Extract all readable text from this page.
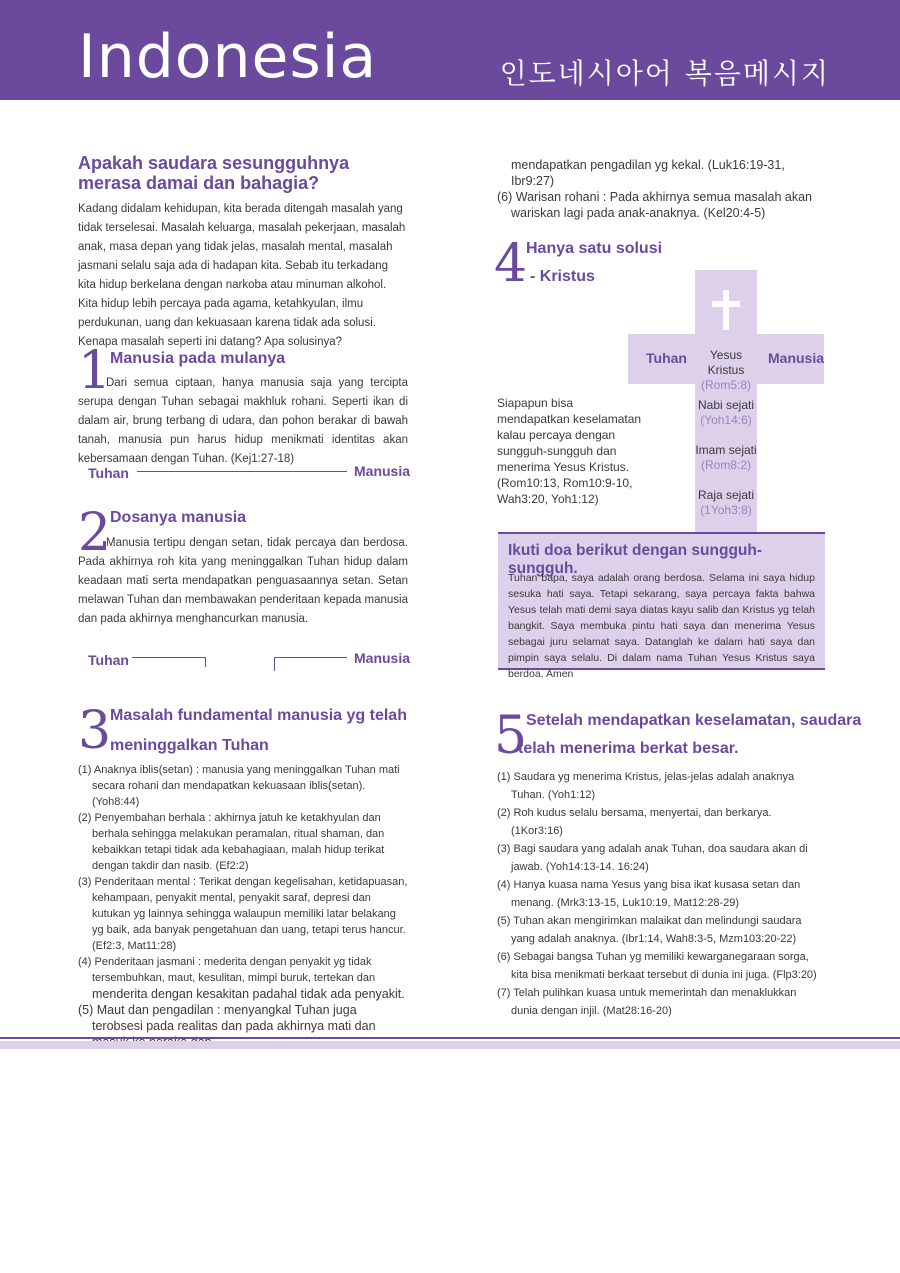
Indonesia	인도네시아어 복음메시지
Apakah saudara sesungguhnya merasa damai dan bahagia?
Kadang didalam kehidupan, kita berada ditengah masalah yang tidak terselesai. Masalah keluarga, masalah pekerjaan, masalah anak, masa depan yang tidak jelas, masalah mental, masalah jasmani selalu saja ada di hadapan kita. Sebab itu terkadang kita hidup berkelana dengan narkoba atau minuman alkohol. Kita hidup lebih percaya pada agama, ketahkyulan, ilmu perdukunan, uang dan kekuasaan karena tidak ada solusi. Kenapa masalah seperti ini datang? Apa solusinya?
1
Manusia pada mulanya
Dari semua ciptaan, hanya manusia saja yang tercipta serupa dengan Tuhan sebagai makhluk rohani. Seperti ikan di dalam air, brung terbang di udara, dan pohon berakar di bawah tanah, manusia pun harus hidup menikmati identitas akan kebersamaan dengan Tuhan. (Kej1:27-18)
Tuhan	Manusia
2
Dosanya manusia
Manusia tertipu dengan setan, tidak percaya dan berdosa. Pada akhirnya roh kita yang meninggalkan Tuhan hidup dalam keadaan mati serta mendapatkan penguasaannya setan. Setan melawan Tuhan dan membawakan penderitaan kepada manusia dan pada akhirnya menghancurkan manusia.
Tuhan	Manusia
3
Masalah fundamental manusia yg telah
meninggalkan Tuhan
(1) Anaknya iblis(setan) : manusia yang meninggalkan Tuhan mati secara rohani dan mendapatkan kekuasaan iblis(setan). (Yoh8:44)
(2) Penyembahan berhala : akhirnya jatuh ke ketakhyulan dan berhala sehingga melakukan peramalan, ritual shaman, dan kebaikkan tetapi tidak ada kebahagiaan, malah hidup terikat dengan takdir dan nasib. (Ef2:2)
(3) Penderitaan mental : Terikat dengan kegelisahan, ketidapuasan, kehampaan, penyakit mental, penyakit saraf, depresi dan kutukan yg lainnya sehingga walaupun memiliki latar belakang yg baik, ada banyak pengetahuan dan uang, tetapi terus hancur. (Ef2:3, Mat11:28)
(4) Penderitaan jasmani : mederita dengan penyakit yg tidak tersembuhkan, maut, kesulitan, mimpi buruk, tertekan dan
menderita dengan kesakitan padahal tidak ada penyakit.
(5) Maut dan pengadilan : menyangkal Tuhan juga terobsesi pada realitas dan pada akhirnya mati dan
mendapatkan pengadilan yg kekal. (Luk16:19-31, Ibr9:27)
(6) Warisan rohani : Pada akhirnya semua masalah akan wariskan lagi pada anak-anaknya. (Kel20:4-5)
4
Hanya satu solusi
- Kristus
Siapapun bisa mendapatkan keselamatan kalau percaya dengan sungguh-sungguh dan menerima Yesus Kristus.(Rom10:13, Rom10:9-10, Wah3:20, Yoh1:12)
Tuhan	Manusia
Yesus Kristus
(Rom5:8)
Nabi sejati
(Yoh14:6)
Imam sejati
(Rom8:2)
Raja sejati
(1Yoh3:8)
Ikuti doa berikut dengan sungguh-sungguh.
Tuhan bapa, saya adalah orang berdosa. Selama ini saya hidup sesuka hati saya. Tetapi sekarang, saya percaya fakta bahwa Yesus telah mati demi saya diatas kayu salib dan Kristus yg telah bangkit. Saya membuka pintu hati saya dan menerima Yesus sebagai juru selamat saya. Datanglah ke dalam hati saya dan pimpin saya selalu. Di dalam nama Tuhan Yesus Kristus saya berdoa. Amen
5
Setelah mendapatkan keselamatan, saudara
telah menerima berkat besar.
(1) Saudara yg menerima Kristus, jelas-jelas adalah anaknya Tuhan. (Yoh1:12)
(2) Roh kudus selalu bersama, menyertai, dan berkarya. (1Kor3:16)
(3) Bagi saudara yang adalah anak Tuhan, doa saudara akan di jawab. (Yoh14:13-14. 16:24)
(4) Hanya kuasa nama Yesus yang bisa ikat kusasa setan dan menang. (Mrk3:13-15, Luk10:19, Mat12:28-29)
(5) Tuhan akan mengirimkan malaikat dan melindungi saudara yang adalah anaknya. (Ibr1:14, Wah8:3-5, Mzm103:20-22)
(6) Sebagai bangsa Tuhan yg memiliki kewarganegaraan sorga, kita bisa menikmati berkaat tersebut di dunia ini juga. (Flp3:20)
(7) Telah pulihkan kuasa untuk memerintah dan menaklukkan dunia dengan injil. (Mat28:16-20)
